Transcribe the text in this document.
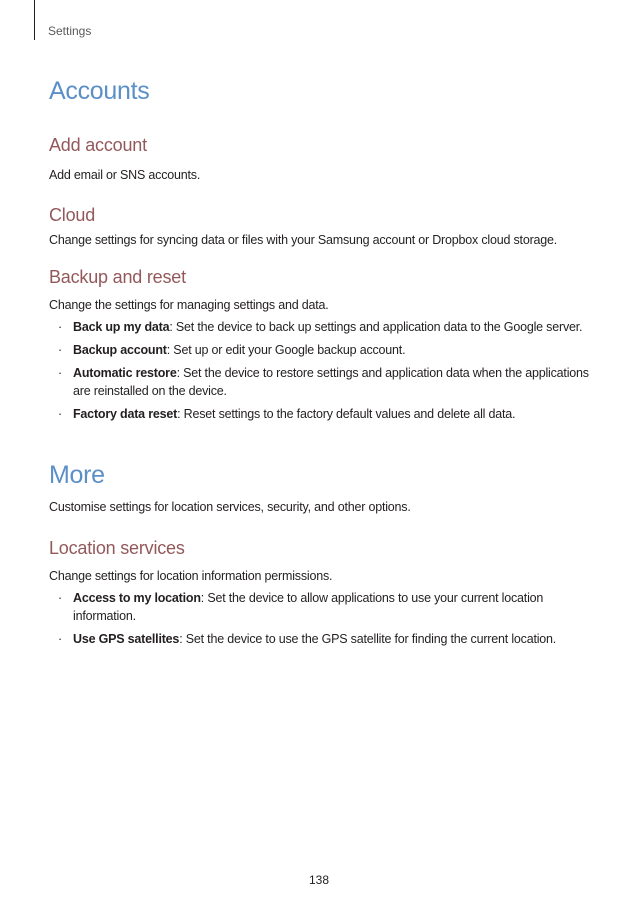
Settings
Accounts
Add account

Add email or SNS accounts.

Cloud

Change settings for syncing data or files with your Samsung account or Dropbox cloud storage.

Backup and reset

Change the settings for managing settings and data.

· Back up my data: Set the device to back up settings and application data to the Google server.
· Backup account: Set up or edit your Google backup account.
· Automatic restore: Set the device to restore settings and application data when the applications are reinstalled on the device.
· Factory data reset: Reset settings to the factory default values and delete all data.
More

Customise settings for location services, security, and other options.

Location services

Change settings for location information permissions.

· Access to my location: Set the device to allow applications to use your current location information.
· Use GPS satellites: Set the device to use the GPS satellite for finding the current location.
138
